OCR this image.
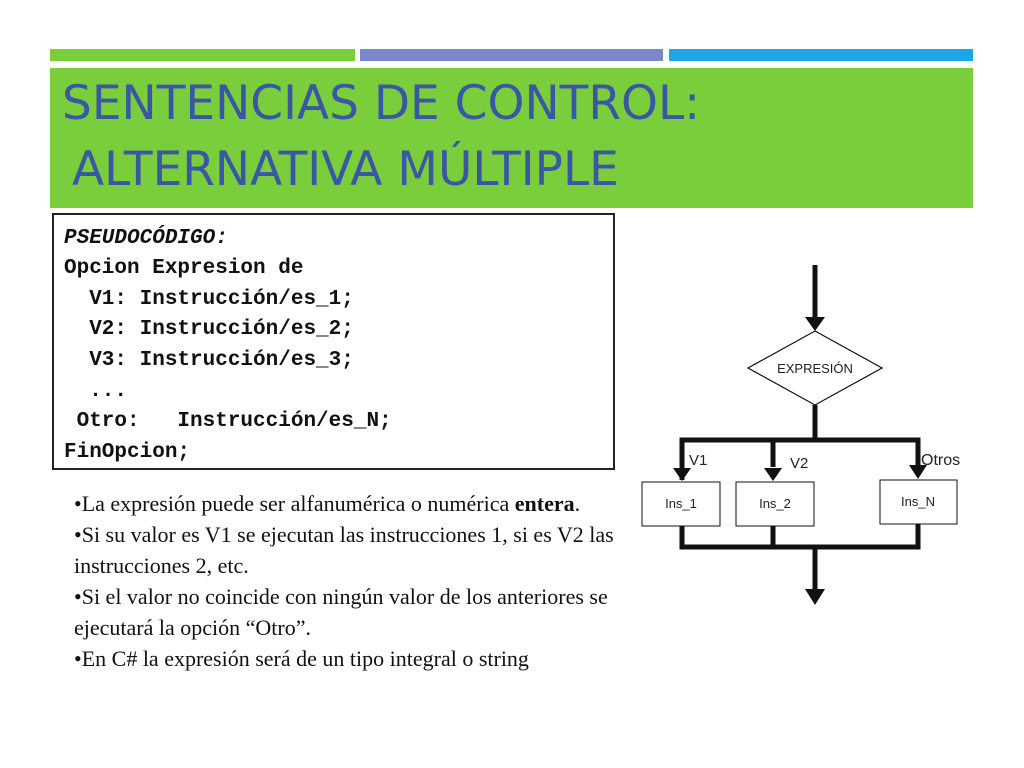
SENTENCIAS DE CONTROL:
ALTERNATIVA MÚLTIPLE
PSEUDOCÓDIGO:
Opcion Expresion de
V1: Instrucción/es_1;
V2: Instrucción/es_2;
V3: Instrucción/es_3;
...
Otro:   Instrucción/es_N;
FinOpcion;

•La expresión puede ser alfanumérica o numérica entera.

•Si su valor es V1 se ejecutan las instrucciones 1, si es V2 las instrucciones 2, etc.

•Si el valor no coincide con ningún valor de los anteriores se ejecutará la opción “Otro”.

•En C# la expresión será de un tipo integral o string

EXPRESIÓN
V1	V2	Otros
Ins_1	Ins_2	Ins_N
